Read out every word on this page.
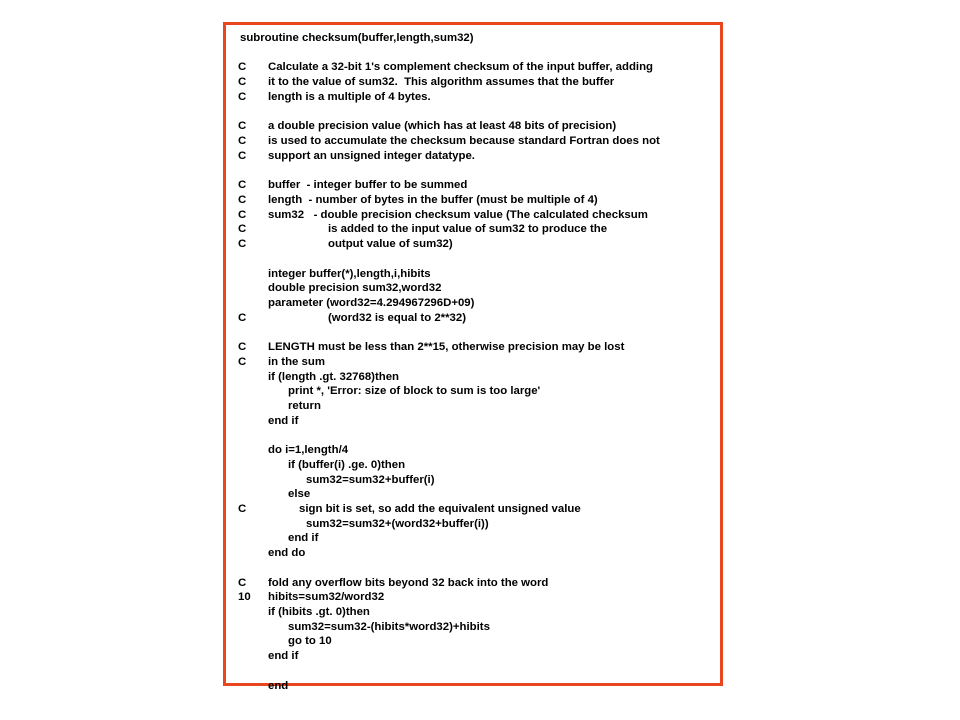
subroutine checksum(buffer,length,sum32)
C Calculate a 32-bit 1's complement checksum of the input buffer, adding
C it to the value of sum32.  This algorithm assumes that the buffer
C length is a multiple of 4 bytes.
C a double precision value (which has at least 48 bits of precision)
C is used to accumulate the checksum because standard Fortran does not
C support an unsigned integer datatype.
C buffer  - integer buffer to be summed
C length  - number of bytes in the buffer (must be multiple of 4)
C sum32   - double precision checksum value (The calculated checksum
C	is added to the input value of sum32 to produce the
C	output value of sum32)
integer buffer(*),length,i,hibits
double precision sum32,word32
parameter (word32=4.294967296D+09)
C	(word32 is equal to 2**32)
C LENGTH must be less than 2**15, otherwise precision may be lost
C in the sum
if (length .gt. 32768)then
print *, 'Error: size of block to sum is too large'
return
end if
do i=1,length/4
if (buffer(i) .ge. 0)then
sum32=sum32+buffer(i)
else
C	sign bit is set, so add the equivalent unsigned value
sum32=sum32+(word32+buffer(i))
end if
end do
C fold any overflow bits beyond 32 back into the word
10 hibits=sum32/word32
if (hibits .gt. 0)then
sum32=sum32-(hibits*word32)+hibits
go to 10
end if
end
